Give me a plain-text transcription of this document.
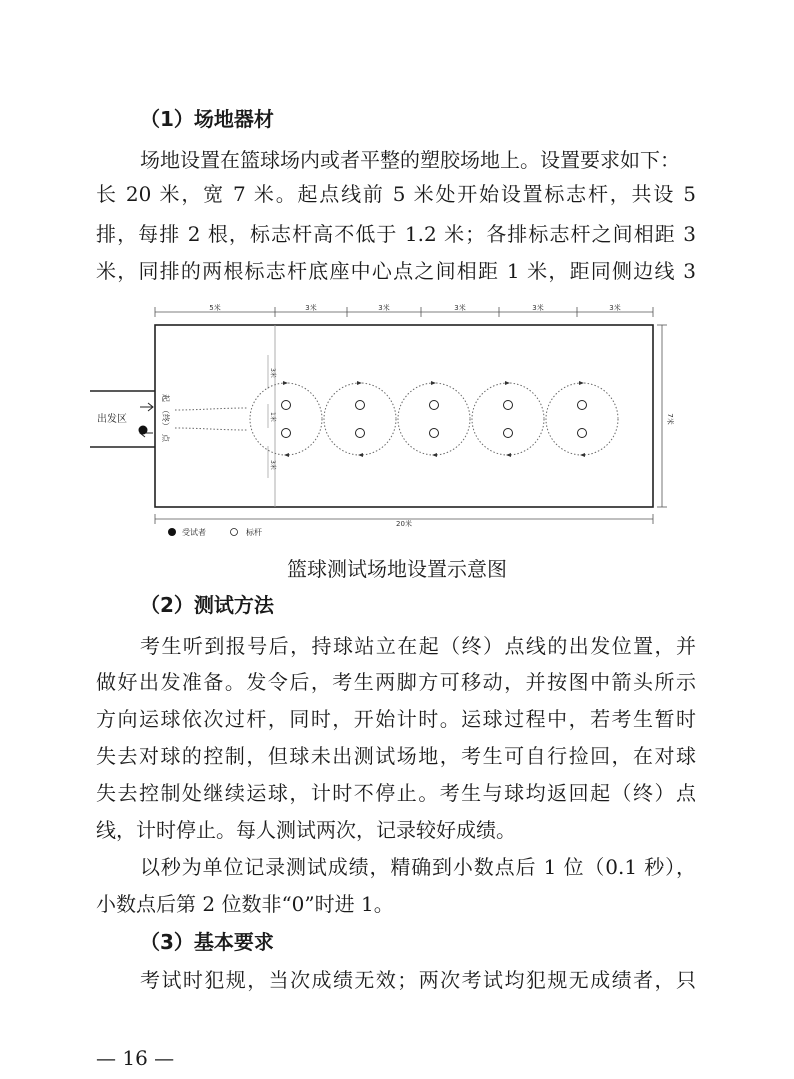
（1）场地器材
场地设置在篮球场内或者平整的塑胶场地上。设置要求如下：
长 20 米，宽 7 米。起点线前 5 米处开始设置标志杆，共设 5
排，每排 2 根，标志杆高不低于 1.2 米；各排标志杆之间相距 3
米，同排的两根标志杆底座中心点之间相距 1 米，距同侧边线 3
5米	3米	3米	3米	3米	3米
7米
20米
出发区
起
（终）
点
3米
1米
3米
受试者	标杆
篮球测试场地设置示意图
（2）测试方法
考生听到报号后，持球站立在起（终）点线的出发位置，并
做好出发准备。发令后，考生两脚方可移动，并按图中箭头所示
方向运球依次过杆，同时，开始计时。运球过程中，若考生暂时
失去对球的控制，但球未出测试场地，考生可自行捡回，在对球
失去控制处继续运球，计时不停止。考生与球均返回起（终）点
线，计时停止。每人测试两次，记录较好成绩。
以秒为单位记录测试成绩，精确到小数点后 1 位（0.1 秒），
小数点后第 2 位数非“0”时进 1。
（3）基本要求
考试时犯规，当次成绩无效；两次考试均犯规无成绩者，只
— 16 —
